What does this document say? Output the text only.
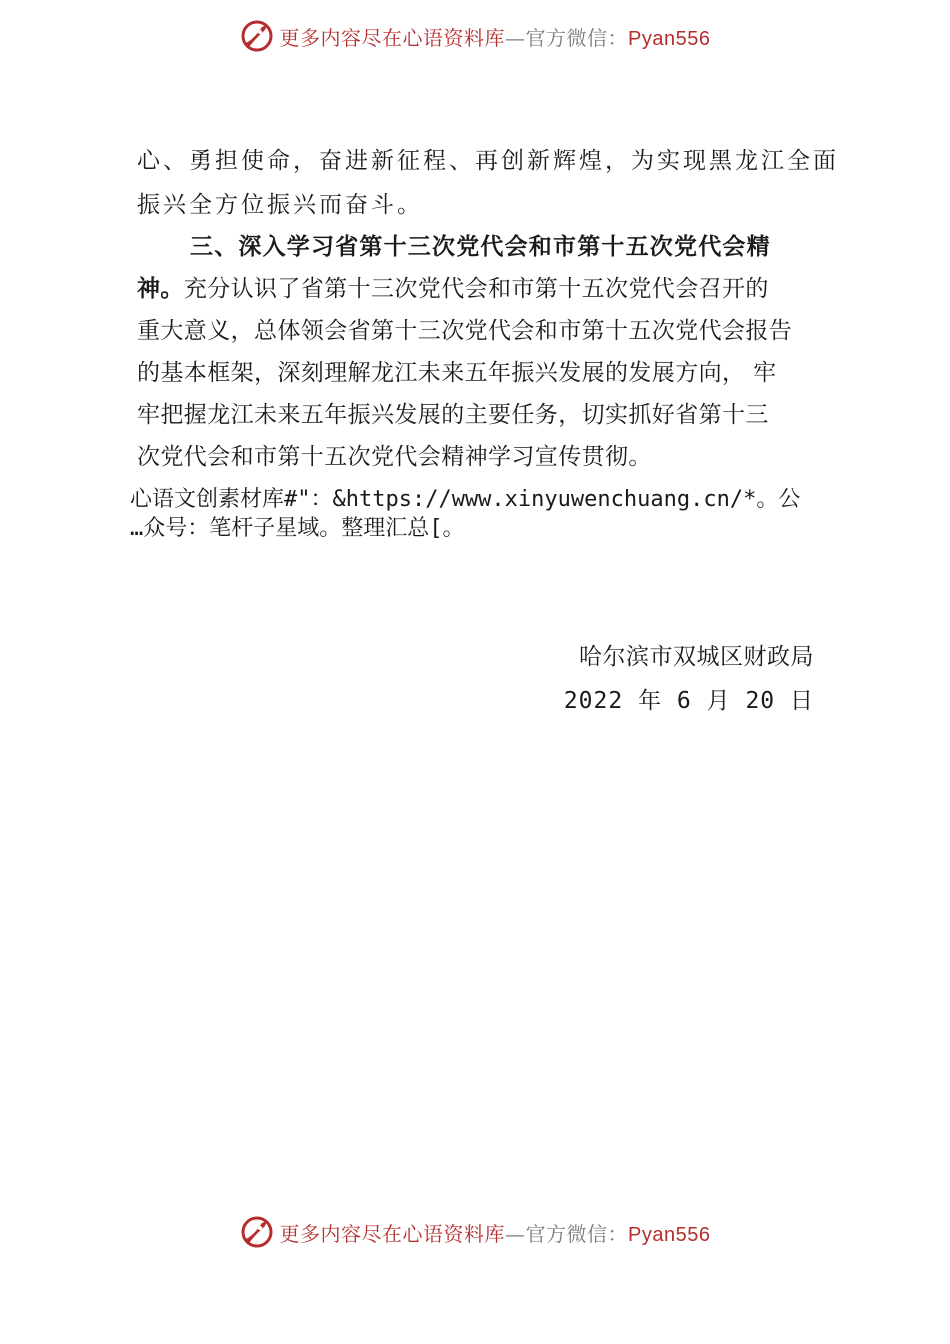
更多内容尽在心语资料库—官方微信：Pyan556
心、勇担使命，奋进新征程、再创新辉煌，为实现黑龙江全面
振兴全方位振兴而奋斗。
三、深入学习省第十三次党代会和市第十五次党代会精
神。充分认识了省第十三次党代会和市第十五次党代会召开的
重大意义，总体领会省第十三次党代会和市第十五次党代会报告
的基本框架，深刻理解龙江未来五年振兴发展的发展方向， 牢
牢把握龙江未来五年振兴发展的主要任务，切实抓好省第十三
次党代会和市第十五次党代会精神学习宣传贯彻。
心语文创素材库#"：&https://www.xinyuwenchuang.cn/*。公
…众号：笔杆子星域。整理汇总[。
哈尔滨市双城区财政局
2022 年 6 月 20 日
更多内容尽在心语资料库—官方微信：Pyan556
